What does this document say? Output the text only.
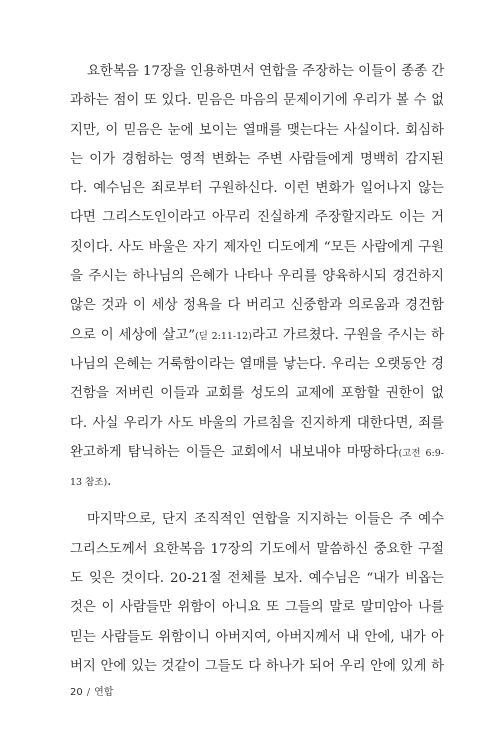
요한복음 17장을 인용하면서 연합을 주장하는 이들이 종종 간
과하는 점이 또 있다. 믿음은 마음의 문제이기에 우리가 볼 수 없
지만, 이 믿음은 눈에 보이는 열매를 맺는다는 사실이다. 회심하
는 이가 경험하는 영적 변화는 주변 사람들에게 명백히 감지된
다. 예수님은 죄로부터 구원하신다. 이런 변화가 일어나지 않는
다면 그리스도인이라고 아무리 진실하게 주장할지라도 이는 거
짓이다. 사도 바울은 자기 제자인 디도에게 “모든 사람에게 구원
을 주시는 하나님의 은혜가 나타나 우리를 양육하시되 경건하지
않은 것과 이 세상 정욕을 다 버리고 신중함과 의로움과 경건함
으로 이 세상에 살고”(딛 2:11-12)라고 가르쳤다. 구원을 주시는 하
나님의 은혜는 거룩함이라는 열매를 낳는다. 우리는 오랫동안 경
건함을 저버린 이들과 교회를 성도의 교제에 포함할 권한이 없
다. 사실 우리가 사도 바울의 가르침을 진지하게 대한다면, 죄를
완고하게 탐닉하는 이들은 교회에서 내보내야 마땅하다(고전 6:9-
13 참조).
마지막으로, 단지 조직적인 연합을 지지하는 이들은 주 예수
그리스도께서 요한복음 17장의 기도에서 말씀하신 중요한 구절
도 잊은 것이다. 20-21절 전체를 보자. 예수님은 “내가 비옵는
것은 이 사람들만 위함이 아니요 또 그들의 말로 말미암아 나를
믿는 사람들도 위함이니 아버지여, 아버지께서 내 안에, 내가 아
버지 안에 있는 것같이 그들도 다 하나가 되어 우리 안에 있게 하
20 / 연합
